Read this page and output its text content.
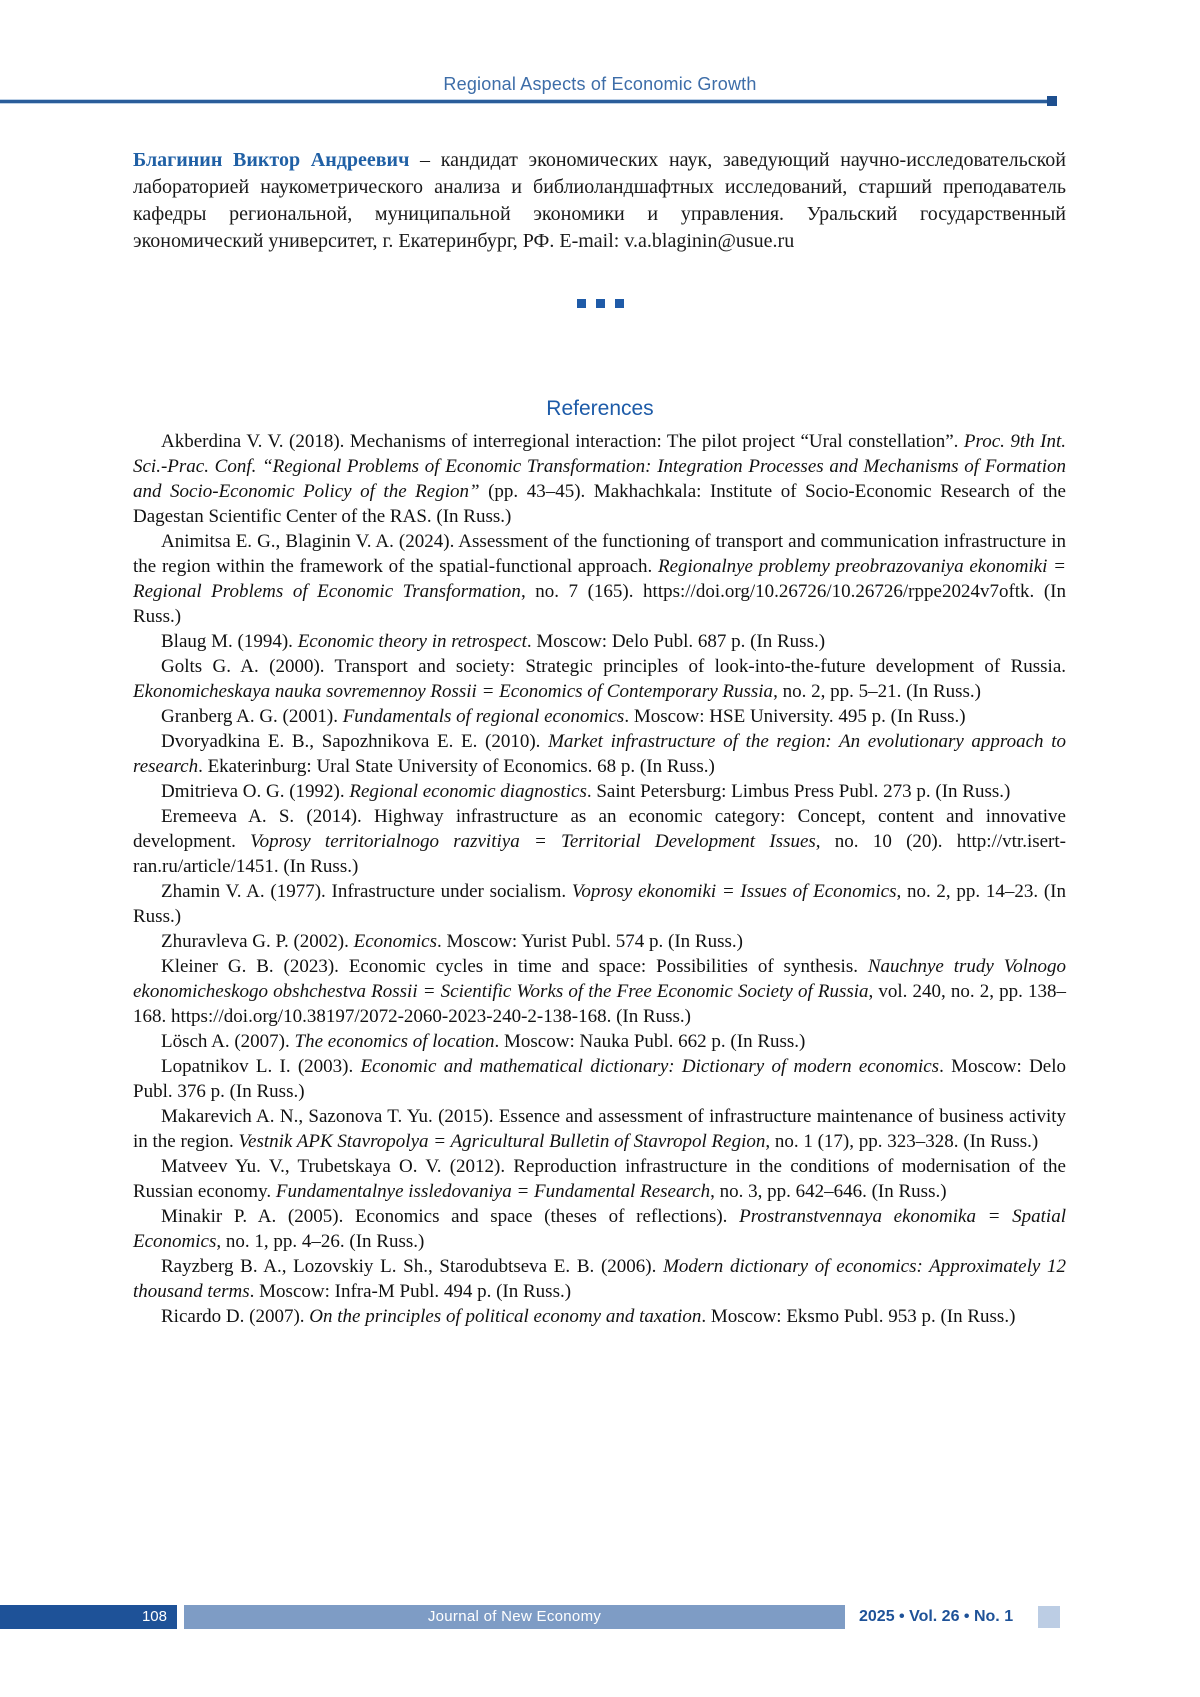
Regional Aspects of Economic Growth
Благинин Виктор Андреевич – кандидат экономических наук, заведующий научно-исследовательской лабораторией наукометрического анализа и библиоландшафтных исследований, старший преподаватель кафедры региональной, муниципальной экономики и управления. Уральский государственный экономический университет, г. Екатеринбург, РФ. E-mail: v.a.blaginin@usue.ru
References

Akberdina V. V. (2018). Mechanisms of interregional interaction: The pilot project “Ural constellation”. Proc. 9th Int. Sci.-Prac. Conf. “Regional Problems of Economic Transformation: Integration Processes and Mechanisms of Formation and Socio-Economic Policy of the Region” (pp. 43–45). Makhachkala: Institute of Socio-Economic Research of the Dagestan Scientific Center of the RAS. (In Russ.)

Animitsa E. G., Blaginin V. A. (2024). Assessment of the functioning of transport and communication infrastructure in the region within the framework of the spatial-functional approach. Regionalnye problemy preobrazovaniya ekonomiki = Regional Problems of Economic Transformation, no. 7 (165). https://doi.org/10.26726/10.26726/rppe2024v7oftk. (In Russ.)

Blaug M. (1994). Economic theory in retrospect. Moscow: Delo Publ. 687 p. (In Russ.)

Golts G. A. (2000). Transport and society: Strategic principles of look-into-the-future development of Russia. Ekonomicheskaya nauka sovremennoy Rossii = Economics of Contemporary Russia, no. 2, pp. 5–21. (In Russ.)

Granberg A. G. (2001). Fundamentals of regional economics. Moscow: HSE University. 495 p. (In Russ.)

Dvoryadkina E. B., Sapozhnikova E. E. (2010). Market infrastructure of the region: An evolutionary approach to research. Ekaterinburg: Ural State University of Economics. 68 p. (In Russ.)

Dmitrieva O. G. (1992). Regional economic diagnostics. Saint Petersburg: Limbus Press Publ. 273 p. (In Russ.)

Eremeeva A. S. (2014). Highway infrastructure as an economic category: Concept, content and innovative development. Voprosy territorialnogo razvitiya = Territorial Development Issues, no. 10 (20). http://vtr.isert-ran.ru/article/1451. (In Russ.)

Zhamin V. A. (1977). Infrastructure under socialism. Voprosy ekonomiki = Issues of Economics, no. 2, pp. 14–23. (In Russ.)

Zhuravleva G. P. (2002). Economics. Moscow: Yurist Publ. 574 p. (In Russ.)

Kleiner G. B. (2023). Economic cycles in time and space: Possibilities of synthesis. Nauchnye trudy Volnogo ekonomicheskogo obshchestva Rossii = Scientific Works of the Free Economic Society of Russia, vol. 240, no. 2, pp. 138–168. https://doi.org/10.38197/2072-2060-2023-240-2-138-168. (In Russ.)

Lösch A. (2007). The economics of location. Moscow: Nauka Publ. 662 p. (In Russ.)

Lopatnikov L. I. (2003). Economic and mathematical dictionary: Dictionary of modern economics. Moscow: Delo Publ. 376 p. (In Russ.)

Makarevich A. N., Sazonova T. Yu. (2015). Essence and assessment of infrastructure maintenance of business activity in the region. Vestnik APK Stavropolya = Agricultural Bulletin of Stavropol Region, no. 1 (17), pp. 323–328. (In Russ.)

Matveev Yu. V., Trubetskaya O. V. (2012). Reproduction infrastructure in the conditions of modernisation of the Russian economy. Fundamentalnye issledovaniya = Fundamental Research, no. 3, pp. 642–646. (In Russ.)

Minakir P. A. (2005). Economics and space (theses of reflections). Prostranstvennaya ekonomika = Spatial Economics, no. 1, pp. 4–26. (In Russ.)

Rayzberg B. A., Lozovskiy L. Sh., Starodubtseva E. B. (2006). Modern dictionary of economics: Approximately 12 thousand terms. Moscow: Infra-M Publ. 494 p. (In Russ.)

Ricardo D. (2007). On the principles of political economy and taxation. Moscow: Eksmo Publ. 953 p. (In Russ.)

108	Journal of New Economy	2025 • Vol. 26 • No. 1
